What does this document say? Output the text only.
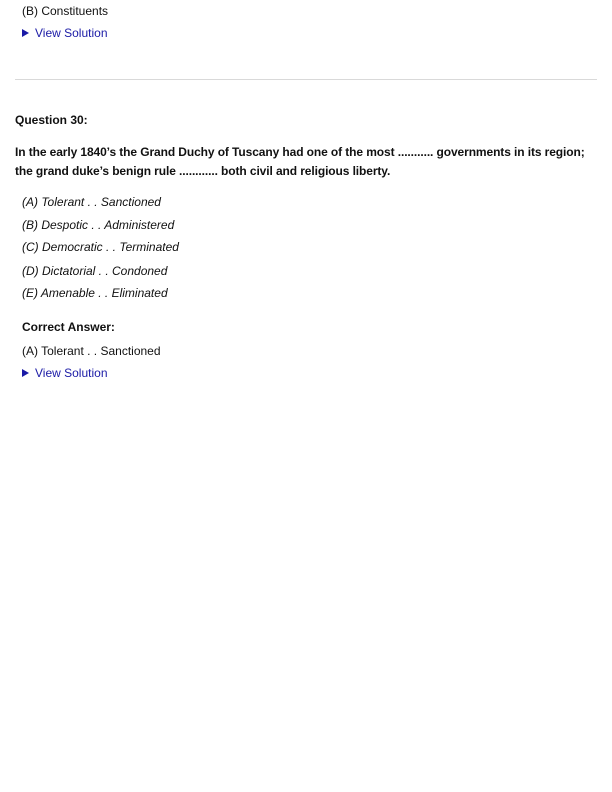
(B) Constituents
View Solution
Question 30:
In the early 1840’s the Grand Duchy of Tuscany had one of the most ........... governments in its region; the grand duke’s benign rule ............ both civil and religious liberty.
(A) Tolerant . . Sanctioned
(B) Despotic . . Administered
(C) Democratic . . Terminated
(D) Dictatorial . . Condoned
(E) Amenable . . Eliminated
Correct Answer:
(A) Tolerant . . Sanctioned
View Solution
